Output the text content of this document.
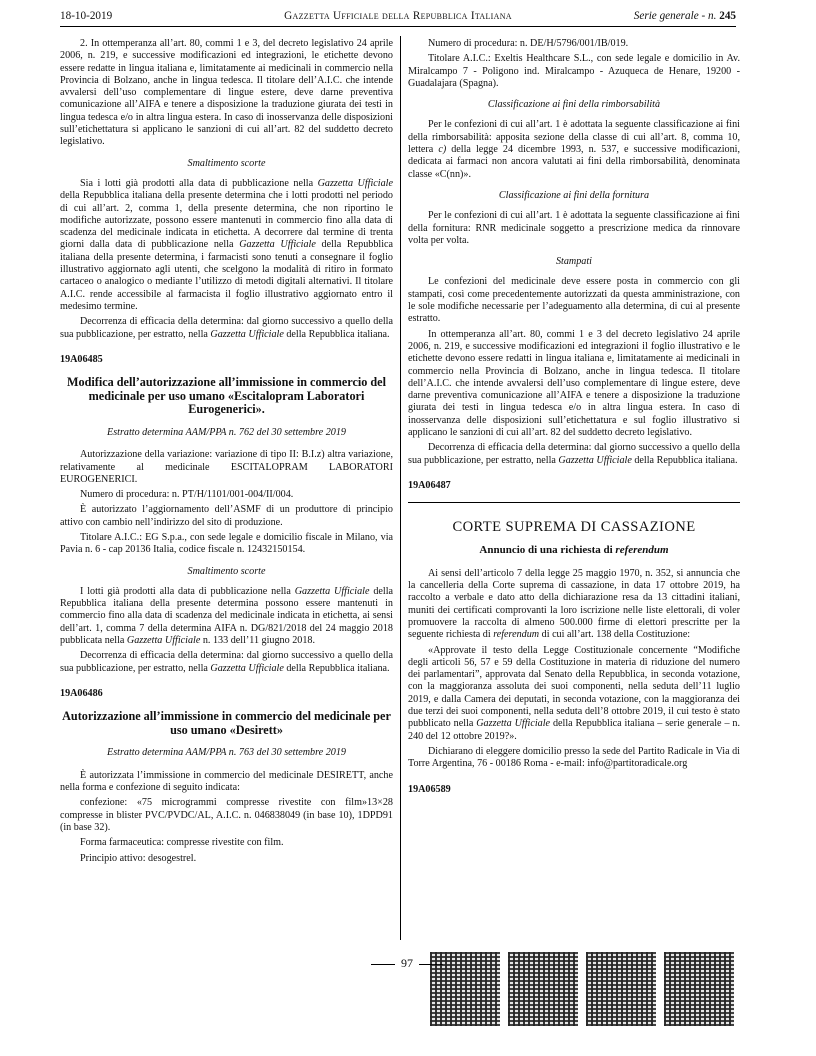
18-10-2019	Gazzetta Ufficiale della Repubblica Italiana	Serie generale - n. 245

2. In ottemperanza all’art. 80, commi 1 e 3, del decreto legislativo 24 aprile 2006, n. 219, e successive modificazioni ed integrazioni, le etichette devono essere redatte in lingua italiana e, limitatamente ai medicinali in commercio nella Provincia di Bolzano, anche in lingua tedesca. Il titolare dell’A.I.C. che intende avvalersi dell’uso complementare di lingue estere, deve darne preventiva comunicazione all’AIFA e tenere a disposizione la traduzione giurata dei testi in lingua tedesca e/o in altra lingua estera. In caso di inosservanza delle disposizioni sull’etichettatura si applicano le sanzioni di cui all’art. 82 del suddetto decreto legislativo.

Smaltimento scorte

Sia i lotti già prodotti alla data di pubblicazione nella Gazzetta Ufficiale della Repubblica italiana della presente determina che i lotti prodotti nel periodo di cui all’art. 2, comma 1, della presente determina, che non riportino le modifiche autorizzate, possono essere mantenuti in commercio fino alla data di scadenza del medicinale indicata in etichetta. A decorrere dal termine di trenta giorni dalla data di pubblicazione nella Gazzetta Ufficiale della Repubblica italiana della presente determina, i farmacisti sono tenuti a consegnare il foglio illustrativo aggiornato agli utenti, che scelgono la modalità di ritiro in formato cartaceo o analogico o mediante l’utilizzo di metodi digitali alternativi. Il titolare A.I.C. rende accessibile al farmacista il foglio illustrativo aggiornato entro il medesimo termine.

Decorrenza di efficacia della determina: dal giorno successivo a quello della sua pubblicazione, per estratto, nella Gazzetta Ufficiale della Repubblica italiana.

19A06485

Modifica dell’autorizzazione all’immissione in commercio del medicinale per uso umano «Escitalopram Laboratori Eurogenerici».

Estratto determina AAM/PPA n. 762 del 30 settembre 2019

Autorizzazione della variazione: variazione di tipo II: B.I.z) altra variazione, relativamente al medicinale ESCITALOPRAM LABORATORI EUROGENERICI.

Numero di procedura: n. PT/H/1101/001-004/II/004.

È autorizzato l’aggiornamento dell’ASMF di un produttore di principio attivo con cambio nell’indirizzo del sito di produzione.

Titolare A.I.C.: EG S.p.a., con sede legale e domicilio fiscale in Milano, via Pavia n. 6 - cap 20136 Italia, codice fiscale n. 12432150154.

Smaltimento scorte

I lotti già prodotti alla data di pubblicazione nella Gazzetta Ufficiale della Repubblica italiana della presente determina possono essere mantenuti in commercio fino alla data di scadenza del medicinale indicata in etichetta, ai sensi dell’art. 1, comma 7 della determina AIFA n. DG/821/2018 del 24 maggio 2018 pubblicata nella Gazzetta Ufficiale n. 133 dell’11 giugno 2018.

Decorrenza di efficacia della determina: dal giorno successivo a quello della sua pubblicazione, per estratto, nella Gazzetta Ufficiale della Repubblica italiana.

19A06486

Autorizzazione all’immissione in commercio del medicinale per uso umano «Desirett»

Estratto determina AAM/PPA n. 763 del 30 settembre 2019

È autorizzata l’immissione in commercio del medicinale DESIRETT, anche nella forma e confezione di seguito indicata:

confezione: «75 microgrammi compresse rivestite con film»13×28 compresse in blister PVC/PVDC/AL, A.I.C. n. 046838049 (in base 10), 1DPD91 (in base 32).

Forma farmaceutica: compresse rivestite con film.

Principio attivo: desogestrel.

Numero di procedura: n. DE/H/5796/001/IB/019.

Titolare A.I.C.: Exeltis Healthcare S.L., con sede legale e domicilio in Av. Miralcampo 7 - Poligono ind. Miralcampo - Azuqueca de Henare, 19200 - Guadalajara (Spagna).

Classificazione ai fini della rimborsabilità

Per le confezioni di cui all’art. 1 è adottata la seguente classificazione ai fini della rimborsabilità: apposita sezione della classe di cui all’art. 8, comma 10, lettera c) della legge 24 dicembre 1993, n. 537, e successive modificazioni, dedicata ai farmaci non ancora valutati ai fini della rimborsabilità, denominata classe «C(nn)».

Classificazione ai fini della fornitura

Per le confezioni di cui all’art. 1 è adottata la seguente classificazione ai fini della fornitura: RNR medicinale soggetto a prescrizione medica da rinnovare volta per volta.

Stampati

Le confezioni del medicinale deve essere posta in commercio con gli stampati, così come precedentemente autorizzati da questa amministrazione, con le sole modifiche necessarie per l’adeguamento alla determina, di cui al presente estratto.

In ottemperanza all’art. 80, commi 1 e 3 del decreto legislativo 24 aprile 2006, n. 219, e successive modificazioni ed integrazioni il foglio illustrativo e le etichette devono essere redatti in lingua italiana e, limitatamente ai medicinali in commercio nella Provincia di Bolzano, anche in lingua tedesca. Il titolare dell’A.I.C. che intende avvalersi dell’uso complementare di lingue estere, deve darne preventiva comunicazione all’AIFA e tenere a disposizione la traduzione giurata dei testi in lingua tedesca e/o in altra lingua estera. In caso di inosservanza delle disposizioni sull’etichettatura e sul foglio illustrativo si applicano le sanzioni di cui all’art. 82 del suddetto decreto legislativo.

Decorrenza di efficacia della determina: dal giorno successivo a quello della sua pubblicazione, per estratto, nella Gazzetta Ufficiale della Repubblica italiana.

19A06487

CORTE SUPREMA DI CASSAZIONE

Annuncio di una richiesta di referendum

Ai sensi dell’articolo 7 della legge 25 maggio 1970, n. 352, si annuncia che la cancelleria della Corte suprema di cassazione, in data 17 ottobre 2019, ha raccolto a verbale e dato atto della dichiarazione resa da 13 cittadini italiani, muniti dei certificati comprovanti la loro iscrizione nelle liste elettorali, di voler promuovere la raccolta di almeno 500.000 firme di elettori prescritte per la seguente richiesta di referendum di cui all’art. 138 della Costituzione:

«Approvate il testo della Legge Costituzionale concernente “Modifiche degli articoli 56, 57 e 59 della Costituzione in materia di riduzione del numero dei parlamentari”, approvata dal Senato della Repubblica, in seconda votazione, con la maggioranza assoluta dei suoi componenti, nella seduta dell’11 luglio 2019, e dalla Camera dei deputati, in seconda votazione, con la maggioranza dei due terzi dei suoi componenti, nella seduta dell’8 ottobre 2019, il cui testo è stato pubblicato nella Gazzetta Ufficiale della Repubblica italiana – serie generale – n. 240 del 12 ottobre 2019?».

Dichiarano di eleggere domicilio presso la sede del Partito Radicale in Via di Torre Argentina, 76 - 00186 Roma - e-mail: info@partitoradicale.org

19A06589

97
